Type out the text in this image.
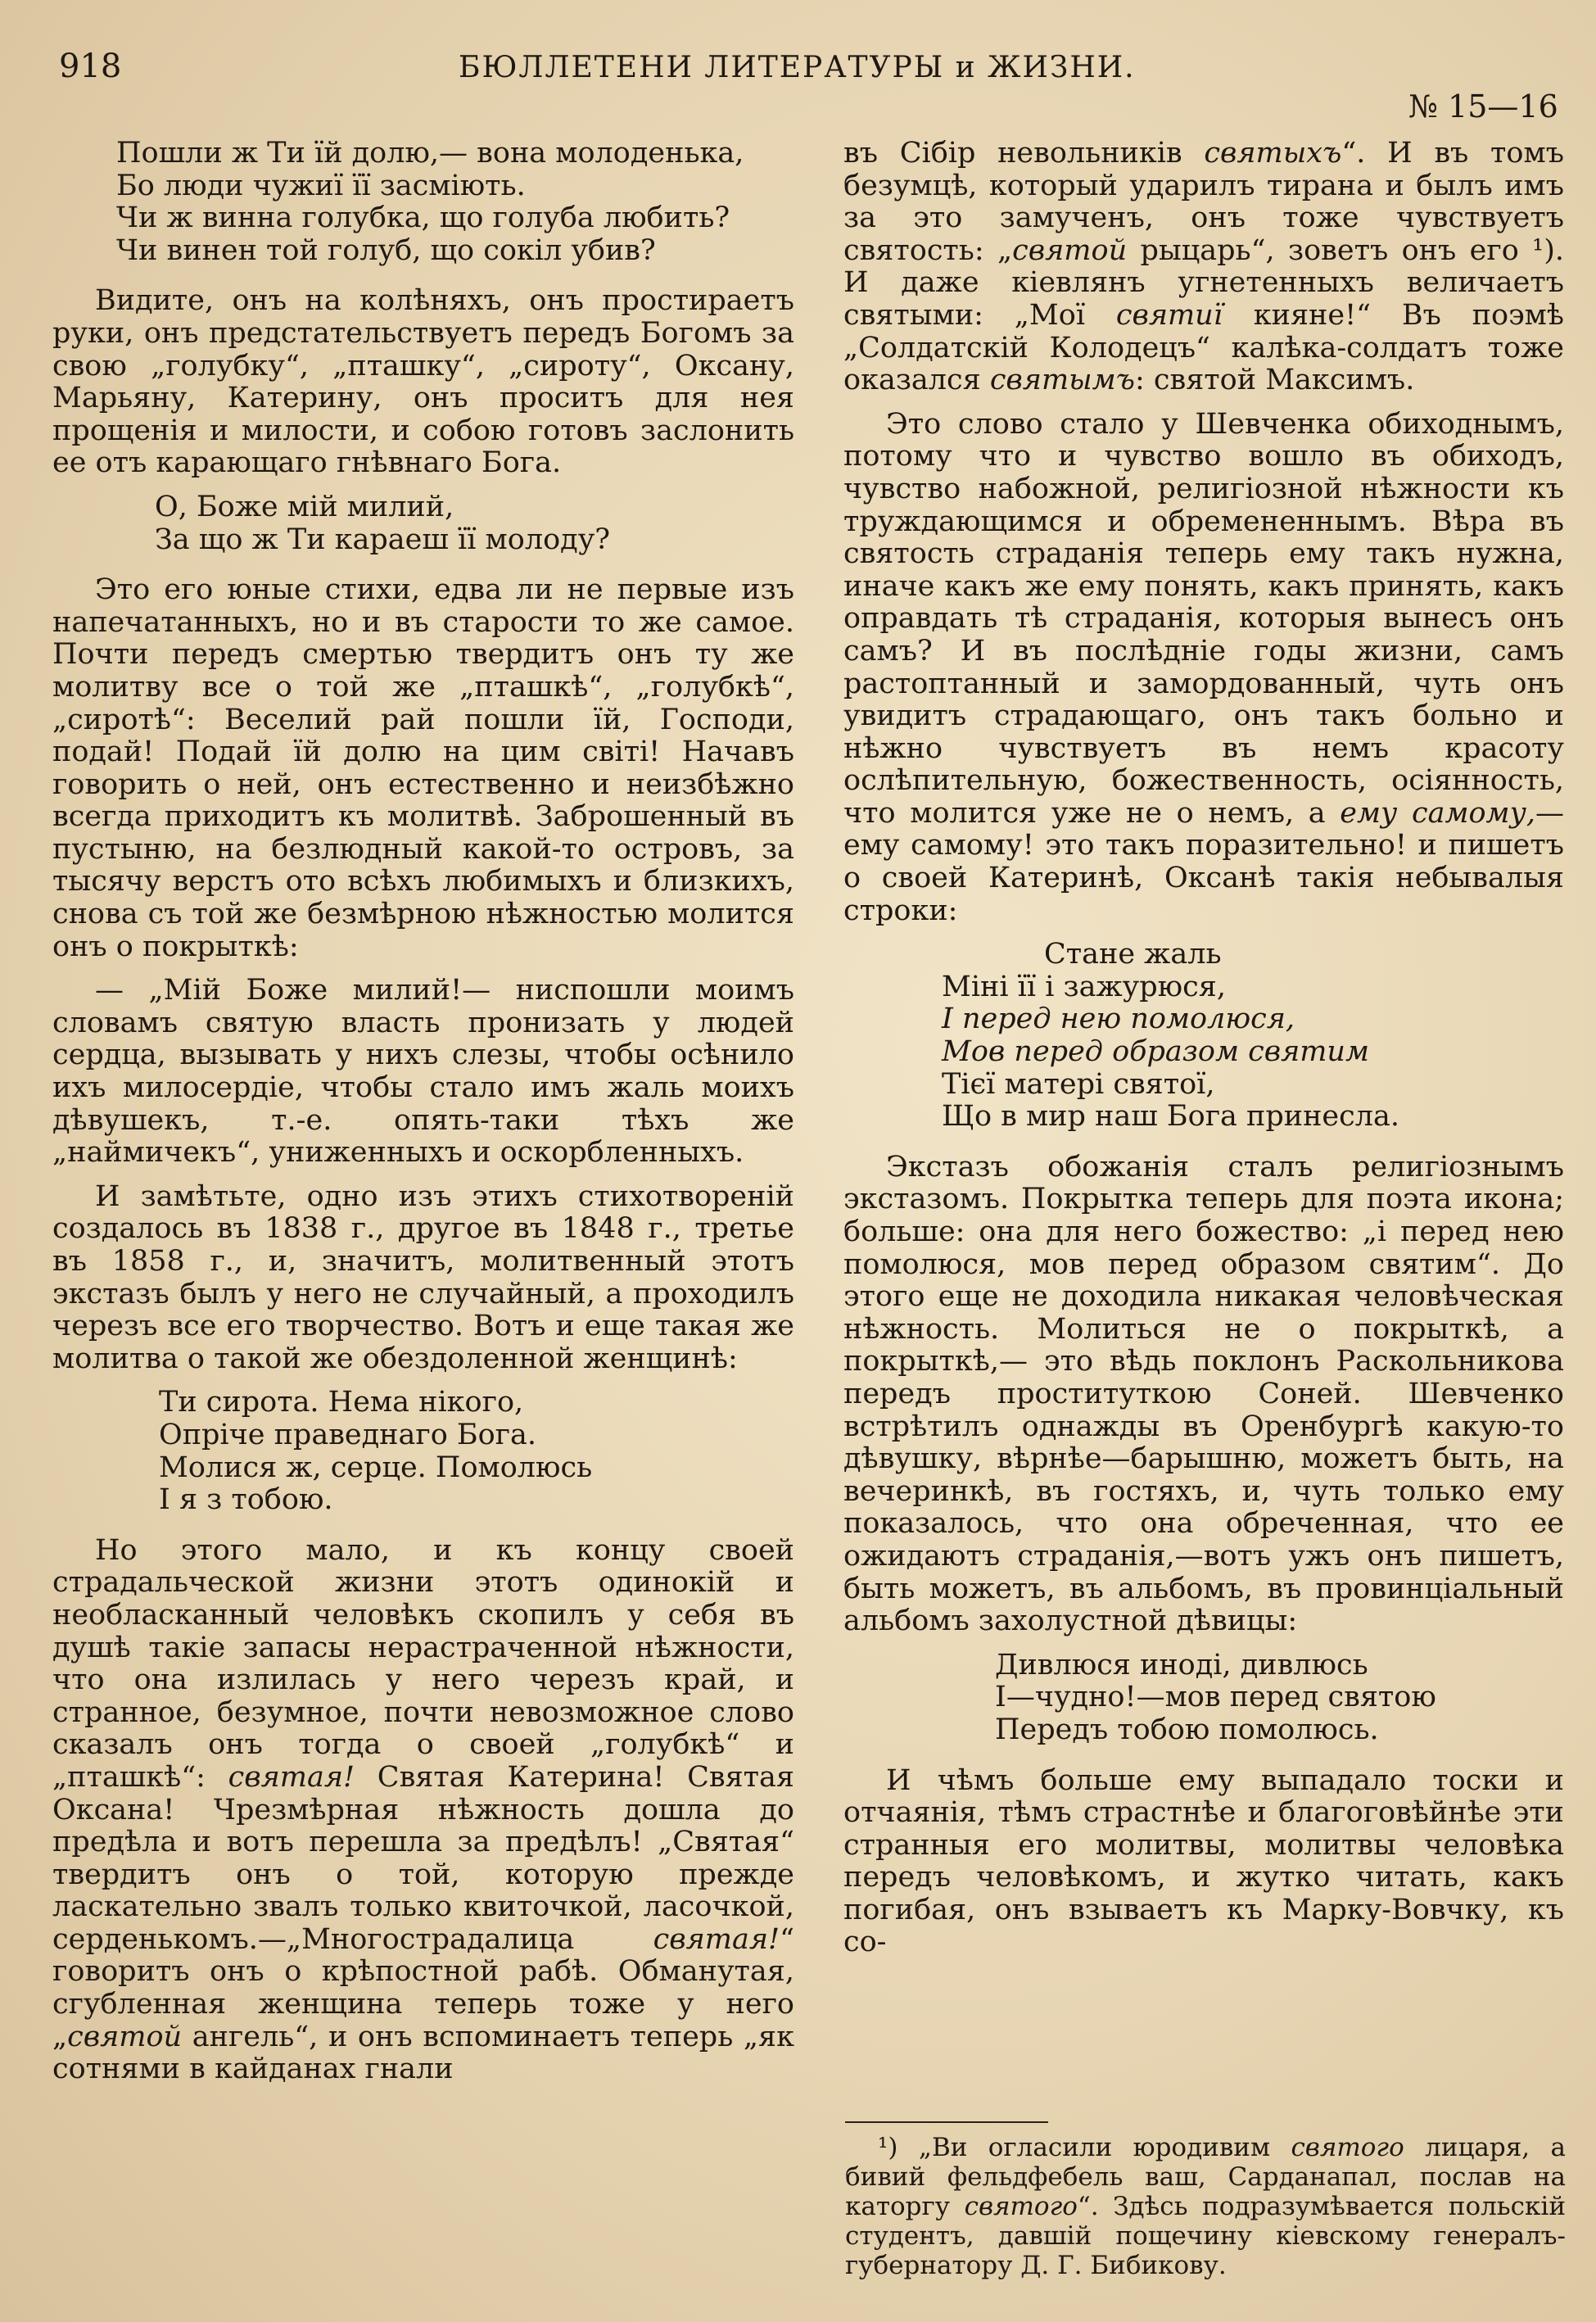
918	БЮЛЛЕТЕНИ ЛИТЕРАТУРЫ и ЖИЗНИ.
№ 15—16
Пошли ж Ти їй долю,— вона молоденька,
Бо люди чужиї її засміють.
Чи ж винна голубка, що голуба любить?
Чи винен той голуб, що сокіл убив?

Видите, онъ на колѣняхъ, онъ простираетъ руки, онъ предстательствуетъ передъ Богомъ за свою „голубку“, „пташку“, „сироту“, Оксану, Марьяну, Катерину, онъ проситъ для нея прощенія и милости, и собою готовъ заслонить ее отъ карающаго гнѣвнаго Бога.

О, Боже мій милий,
За що ж Ти караеш її молоду?

Это его юные стихи, едва ли не первые изъ напечатанныхъ, но и въ старости то же самое. Почти передъ смертью твердитъ онъ ту же молитву все о той же „пташкѣ“, „голубкѣ“, „сиротѣ“: Веселий рай пошли їй, Господи, подай! Подай їй долю на цим світі! Начавъ говорить о ней, онъ естественно и неизбѣжно всегда приходитъ къ молитвѣ. Заброшенный въ пустыню, на безлюдный какой-то островъ, за тысячу верстъ ото всѣхъ любимыхъ и близкихъ, снова съ той же безмѣрною нѣжностью молится онъ о покрыткѣ:

— „Мій Боже милий!— ниспошли моимъ словамъ святую власть пронизать у людей сердца, вызывать у нихъ слезы, чтобы осѣнило ихъ милосердіе, чтобы стало имъ жаль моихъ дѣвушекъ, т.-е. опять-таки тѣхъ же „наймичекъ“, униженныхъ и оскорбленныхъ.

И замѣтьте, одно изъ этихъ стихотвореній создалось въ 1838 г., другое въ 1848 г., третье въ 1858 г., и, значитъ, молитвенный этотъ экстазъ былъ у него не случайный, а проходилъ черезъ все его творчество. Вотъ и еще такая же молитва о такой же обездоленной женщинѣ:

Ти сирота. Нема нікого,
Опріче праведнаго Бога.
Молися ж, серце. Помолюсь
І я з тобою.

Но этого мало, и къ концу своей страдальческой жизни этотъ одинокій и необласканный человѣкъ скопилъ у себя въ душѣ такіе запасы нерастраченной нѣжности, что она излилась у него черезъ край, и странное, безумное, почти невозможное слово сказалъ онъ тогда о своей „голубкѣ“ и „пташкѣ“: святая! Святая Катерина! Святая Оксана! Чрезмѣрная нѣжность дошла до предѣла и вотъ перешла за предѣлъ! „Святая“ твердитъ онъ о той, которую прежде ласкательно звалъ только квиточкой, ласочкой, серденькомъ.—„Многострадалица святая!“ говоритъ онъ о крѣпостной рабѣ. Обманутая, сгубленная женщина теперь тоже у него „святой ангель“, и онъ вспоминаетъ теперь „як сотнями в кайданах гнали

въ Сібір невольників святыхъ“. И въ томъ безумцѣ, который ударилъ тирана и былъ имъ за это замученъ, онъ тоже чувствуетъ святость: „святой рыцарь“, зоветъ онъ его ¹). И даже кіевлянъ угнетенныхъ величаетъ святыми: „Мої святиї кияне!“ Въ поэмѣ „Солдатскій Колодецъ“ калѣка-солдатъ тоже оказался святымъ: святой Максимъ.

Это слово стало у Шевченка обиходнымъ, потому что и чувство вошло въ обиходъ, чувство набожной, религіозной нѣжности къ труждающимся и обремененнымъ. Вѣра въ святость страданія теперь ему такъ нужна, иначе какъ же ему понять, какъ принять, какъ оправдать тѣ страданія, которыя вынесъ онъ самъ? И въ послѣдніе годы жизни, самъ растоптанный и замордованный, чуть онъ увидитъ страдающаго, онъ такъ больно и нѣжно чувствуетъ въ немъ красоту ослѣпительную, божественность, осіянность, что молится уже не о немъ, а ему самому,— ему самому! это такъ поразительно! и пишетъ о своей Катеринѣ, Оксанѣ такія небывалыя строки:

Стане жаль
Міні її і зажурюся,
І перед нею помолюся,
Мов перед образом святим
Тієї матері святої,
Що в мир наш Бога принесла.

Экстазъ обожанія сталъ религіознымъ экстазомъ. Покрытка теперь для поэта икона; больше: она для него божество: „і перед нею помолюся, мов перед образом святим“. До этого еще не доходила никакая человѣческая нѣжность. Молиться не о покрыткѣ, а покрыткѣ,— это вѣдь поклонъ Раскольникова передъ проституткою Соней. Шевченко встрѣтилъ однажды въ Оренбургѣ какую-то дѣвушку, вѣрнѣе—барышню, можетъ быть, на вечеринкѣ, въ гостяхъ, и, чуть только ему показалось, что она обреченная, что ее ожидаютъ страданія,—вотъ ужъ онъ пишетъ, быть можетъ, въ альбомъ, въ провинціальный альбомъ захолустной дѣвицы:

Дивлюся иноді, дивлюсь
І—чудно!—мов перед святою
Передъ тобою помолюсь.

И чѣмъ больше ему выпадало тоски и отчаянія, тѣмъ страстнѣе и благоговѣйнѣе эти странныя его молитвы, молитвы человѣка передъ человѣкомъ, и жутко читать, какъ погибая, онъ взываетъ къ Марку-Вовчку, къ со-

¹) „Ви огласили юродивим святого лицаря, а бивий фельдфебель ваш, Сарданапал, послав на каторгу святого“. Здѣсь подразумѣвается польскій студентъ, давшій пощечину кіевскому генералъ-губернатору Д. Г. Бибикову.
